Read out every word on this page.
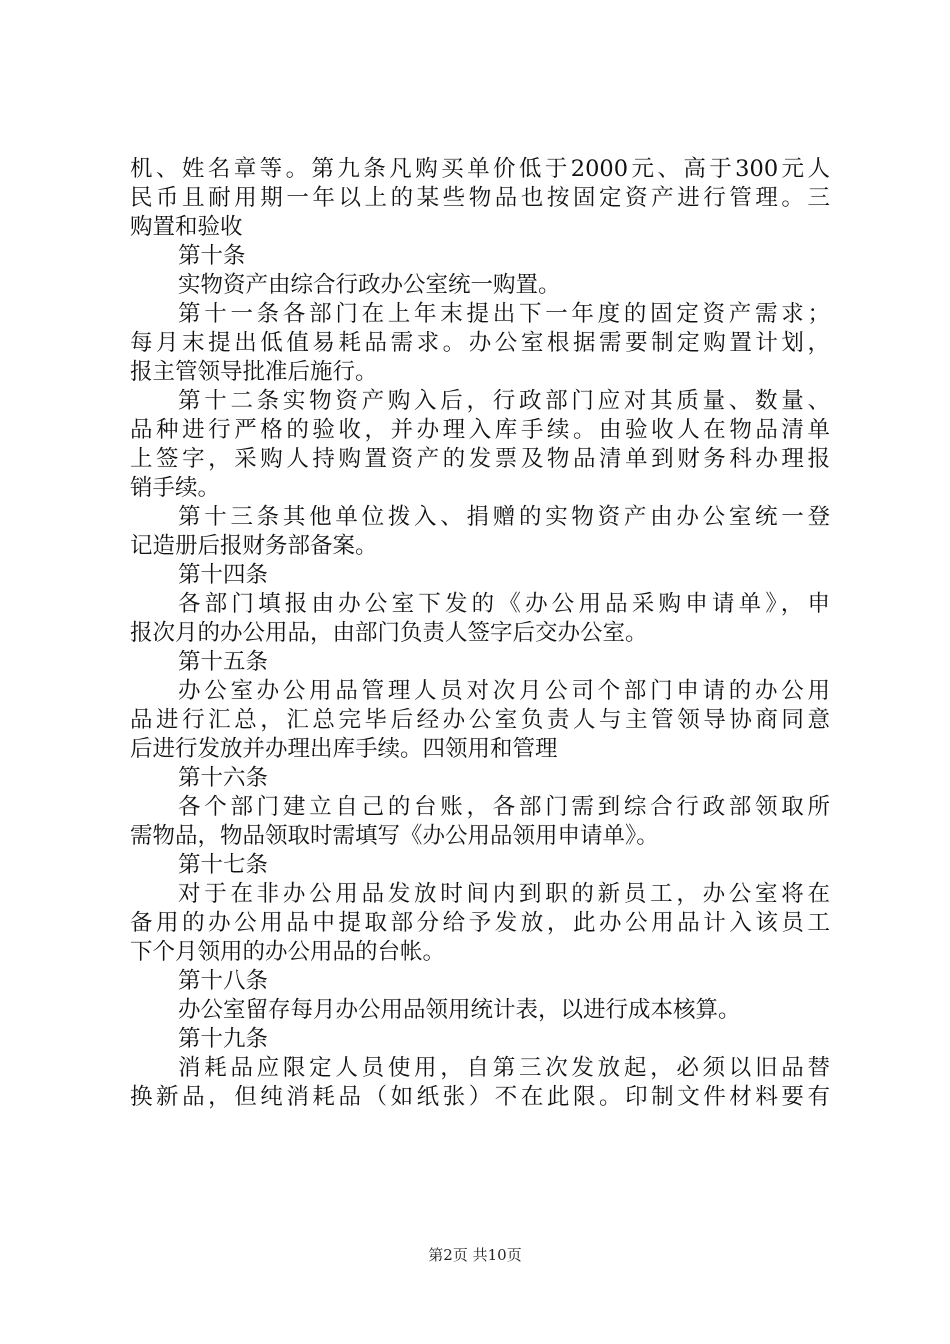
机、姓名章等。第九条凡购买单价低于2000元、高于300元人
民币且耐用期一年以上的某些物品也按固定资产进行管理。三
购置和验收
第十条
实物资产由综合行政办公室统一购置。
第十一条各部门在上年末提出下一年度的固定资产需求；
每月末提出低值易耗品需求。办公室根据需要制定购置计划，
报主管领导批准后施行。
第十二条实物资产购入后，行政部门应对其质量、数量、
品种进行严格的验收，并办理入库手续。由验收人在物品清单
上签字，采购人持购置资产的发票及物品清单到财务科办理报
销手续。
第十三条其他单位拨入、捐赠的实物资产由办公室统一登
记造册后报财务部备案。
第十四条
各部门填报由办公室下发的《办公用品采购申请单》，申
报次月的办公用品，由部门负责人签字后交办公室。
第十五条
办公室办公用品管理人员对次月公司个部门申请的办公用
品进行汇总，汇总完毕后经办公室负责人与主管领导协商同意
后进行发放并办理出库手续。四领用和管理
第十六条
各个部门建立自己的台账，各部门需到综合行政部领取所
需物品，物品领取时需填写《办公用品领用申请单》。
第十七条
对于在非办公用品发放时间内到职的新员工，办公室将在
备用的办公用品中提取部分给予发放，此办公用品计入该员工
下个月领用的办公用品的台帐。
第十八条
办公室留存每月办公用品领用统计表，以进行成本核算。
第十九条
消耗品应限定人员使用，自第三次发放起，必须以旧品替
换新品，但纯消耗品（如纸张）不在此限。印制文件材料要有
第2页 共10页
